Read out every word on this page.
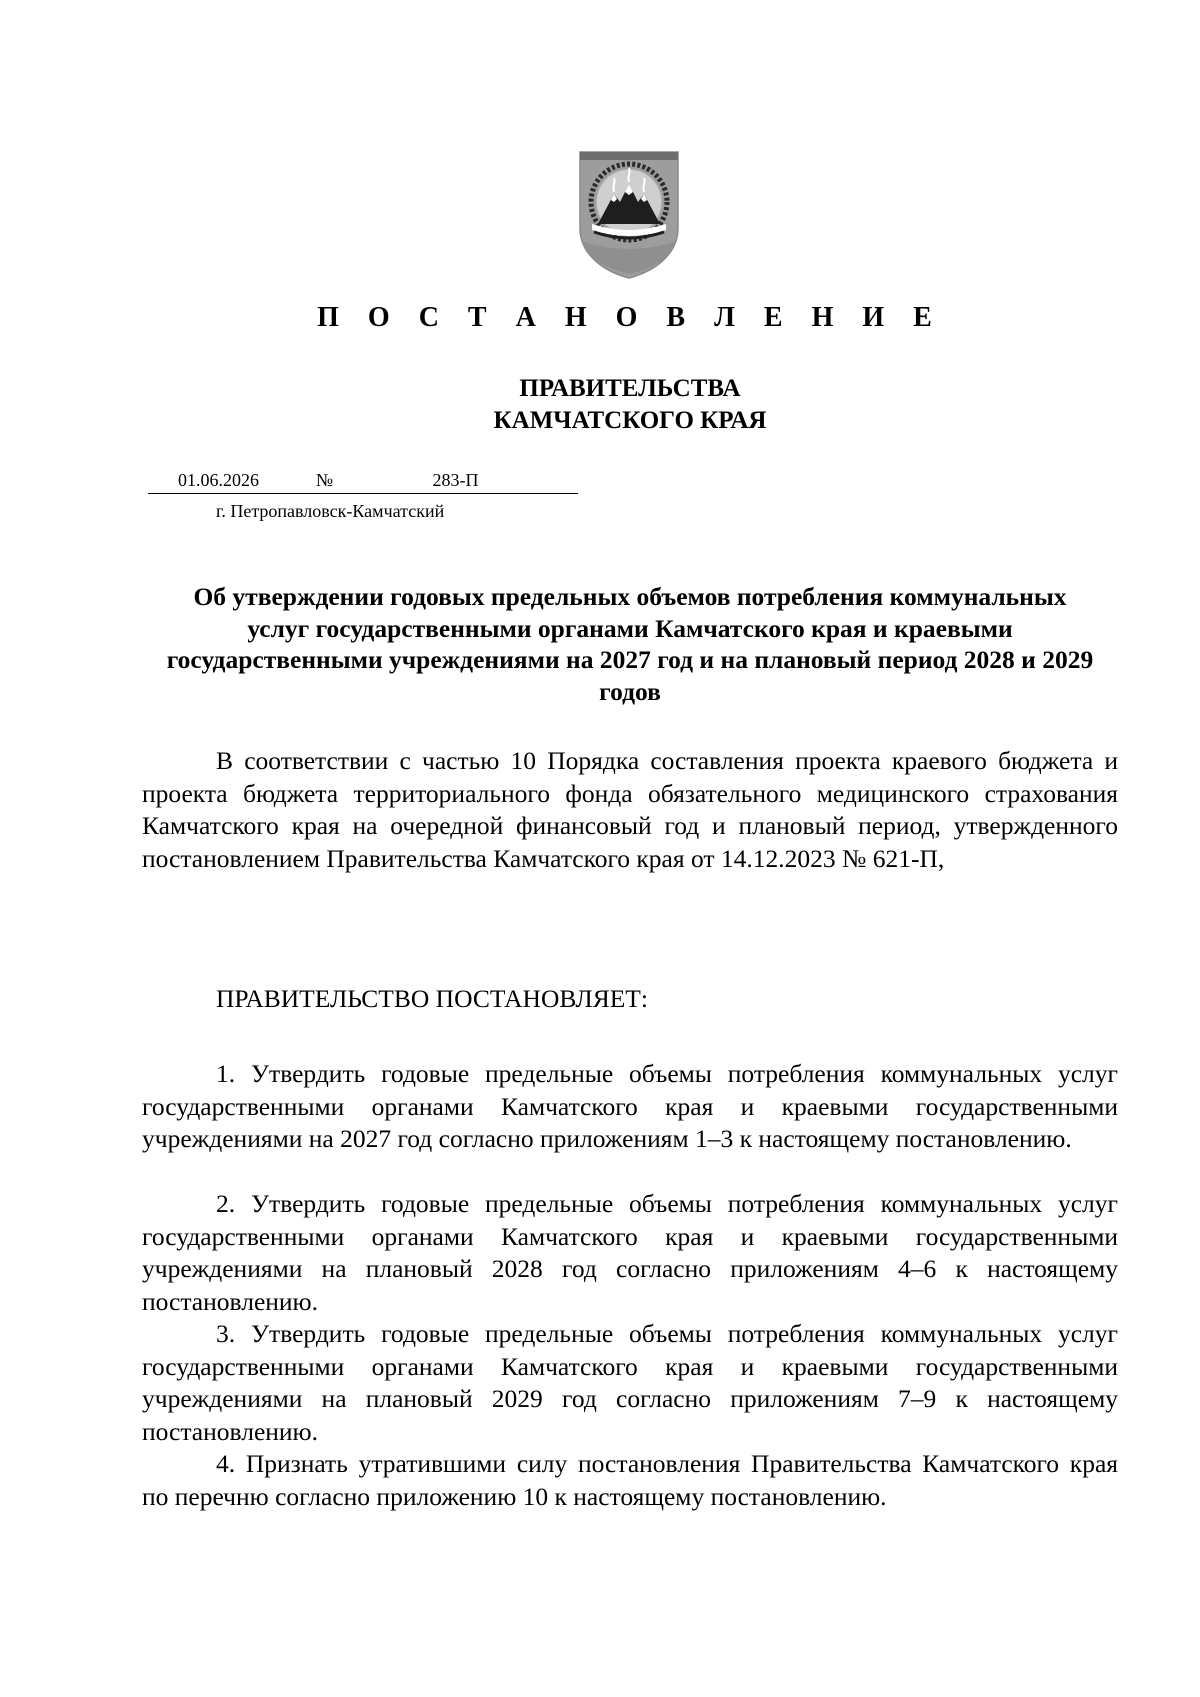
П О С Т А Н О В Л Е Н И Е
ПРАВИТЕЛЬСТВА
КАМЧАТСКОГО КРАЯ
01.06.2026	№	283-П
г. Петропавловск-Камчатский
Об утверждении годовых предельных объемов потребления коммунальных услуг государственными органами Камчатского края и краевыми государственными учреждениями на 2027 год и на плановый период 2028 и 2029 годов

В соответствии с частью 10 Порядка составления проекта краевого бюджета и проекта бюджета территориального фонда обязательного медицинского страхования Камчатского края на очередной финансовый год и плановый период, утвержденного постановлением Правительства Камчатского края от 14.12.2023 № 621-П,

ПРАВИТЕЛЬСТВО ПОСТАНОВЛЯЕТ:

1. Утвердить годовые предельные объемы потребления коммунальных услуг государственными органами Камчатского края и краевыми государственными учреждениями на 2027 год согласно приложениям 1–3 к настоящему постановлению.

2. Утвердить годовые предельные объемы потребления коммунальных услуг государственными органами Камчатского края и краевыми государственными учреждениями на плановый 2028 год согласно приложениям 4–6 к настоящему постановлению.

3. Утвердить годовые предельные объемы потребления коммунальных услуг государственными органами Камчатского края и краевыми государственными учреждениями на плановый 2029 год согласно приложениям 7–9 к настоящему постановлению.

4. Признать утратившими силу постановления Правительства Камчатского края по перечню согласно приложению 10 к настоящему постановлению.
